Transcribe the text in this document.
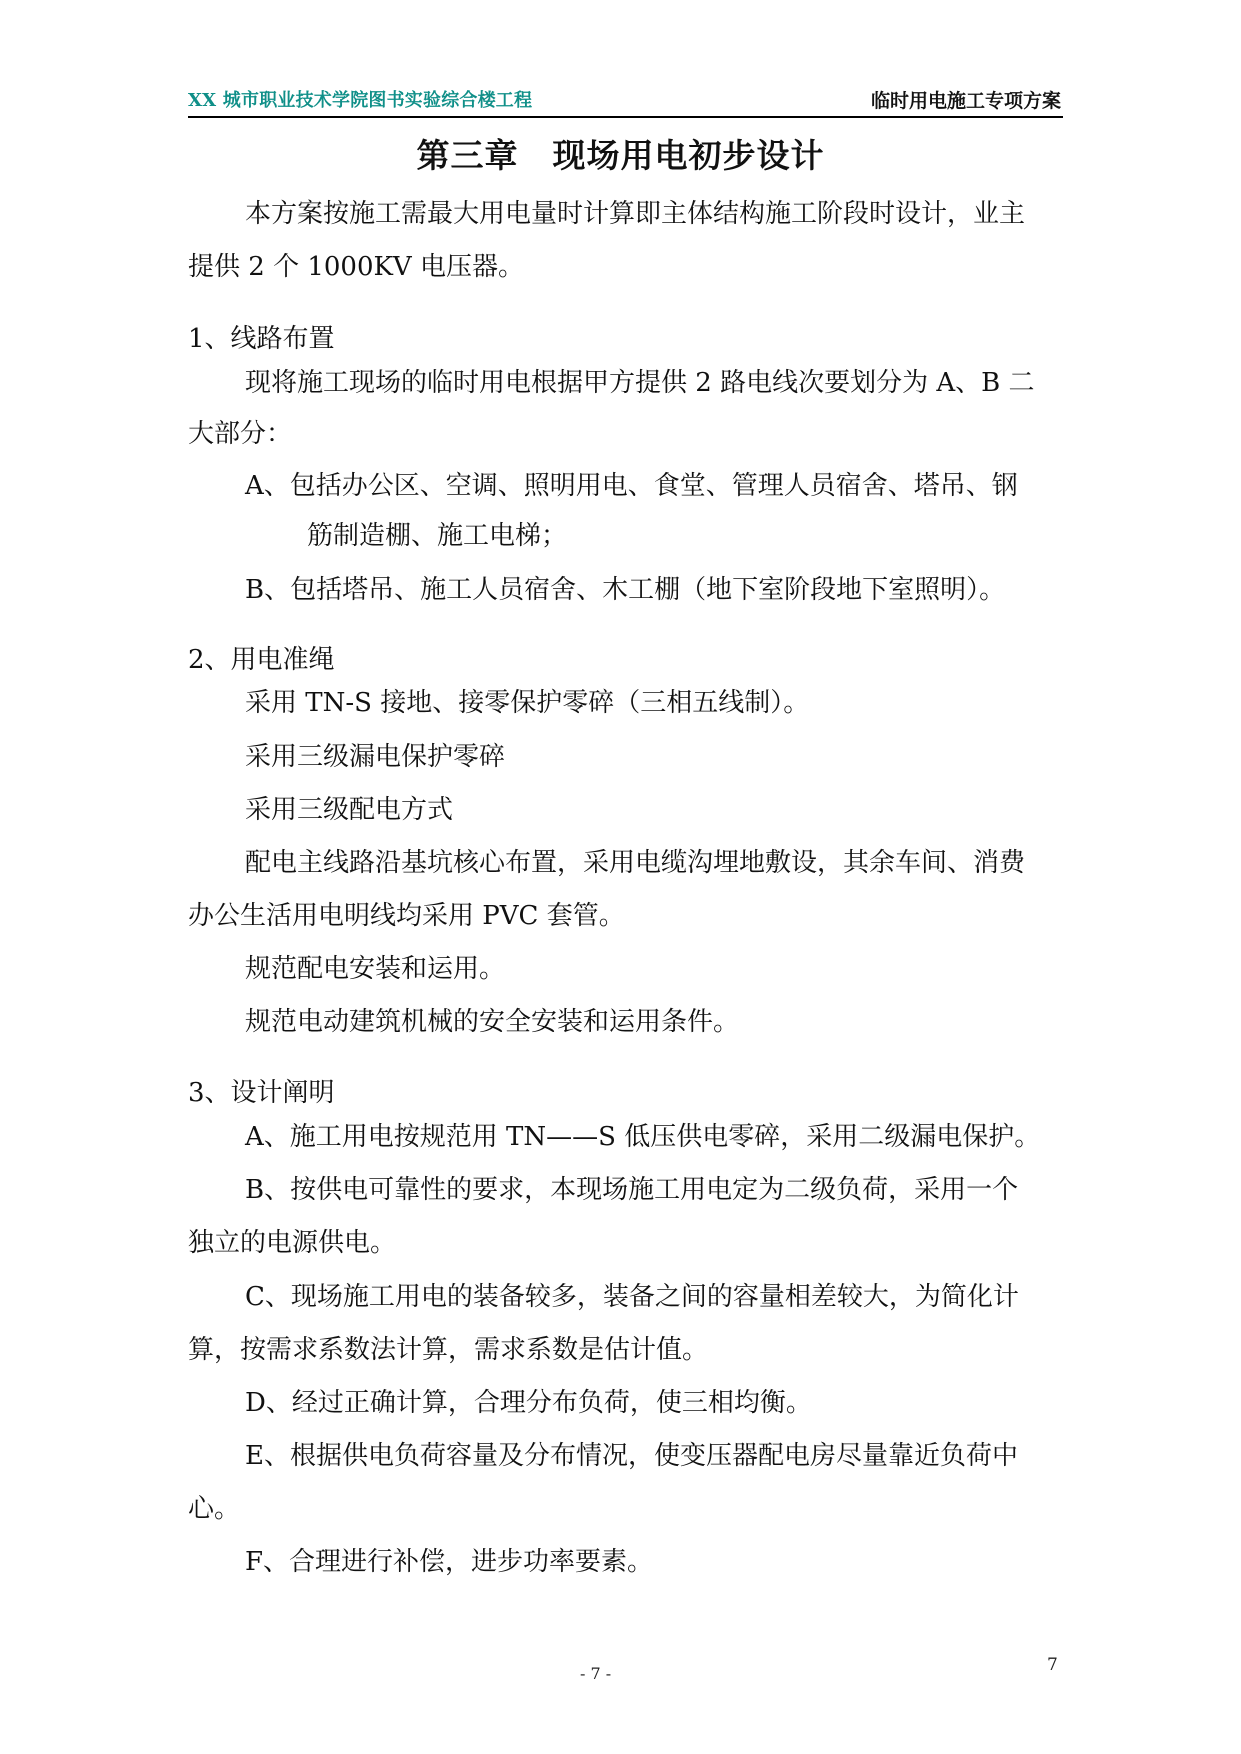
XX 城市职业技术学院图书实验综合楼工程	临时用电施工专项方案
第三章　现场用电初步设计
本方案按施工需最大用电量时计算即主体结构施工阶段时设计，业主
提供 2 个 1000KV 电压器。
1、线路布置
现将施工现场的临时用电根据甲方提供 2 路电线次要划分为 A、B 二
大部分：
A、包括办公区、空调、照明用电、食堂、管理人员宿舍、塔吊、钢
筋制造棚、施工电梯；
B、包括塔吊、施工人员宿舍、木工棚（地下室阶段地下室照明）。
2、用电准绳
采用 TN-S 接地、接零保护零碎（三相五线制）。
采用三级漏电保护零碎
采用三级配电方式
配电主线路沿基坑核心布置，采用电缆沟埋地敷设，其余车间、消费
办公生活用电明线均采用 PVC 套管。
规范配电安装和运用。
规范电动建筑机械的安全安装和运用条件。
3、设计阐明
A、施工用电按规范用 TN——S 低压供电零碎，采用二级漏电保护。
B、按供电可靠性的要求，本现场施工用电定为二级负荷，采用一个
独立的电源供电。
C、现场施工用电的装备较多，装备之间的容量相差较大，为简化计
算，按需求系数法计算，需求系数是估计值。
D、经过正确计算，合理分布负荷，使三相均衡。
E、根据供电负荷容量及分布情况，使变压器配电房尽量靠近负荷中
心。
F、合理进行补偿，进步功率要素。
- 7 -	7
